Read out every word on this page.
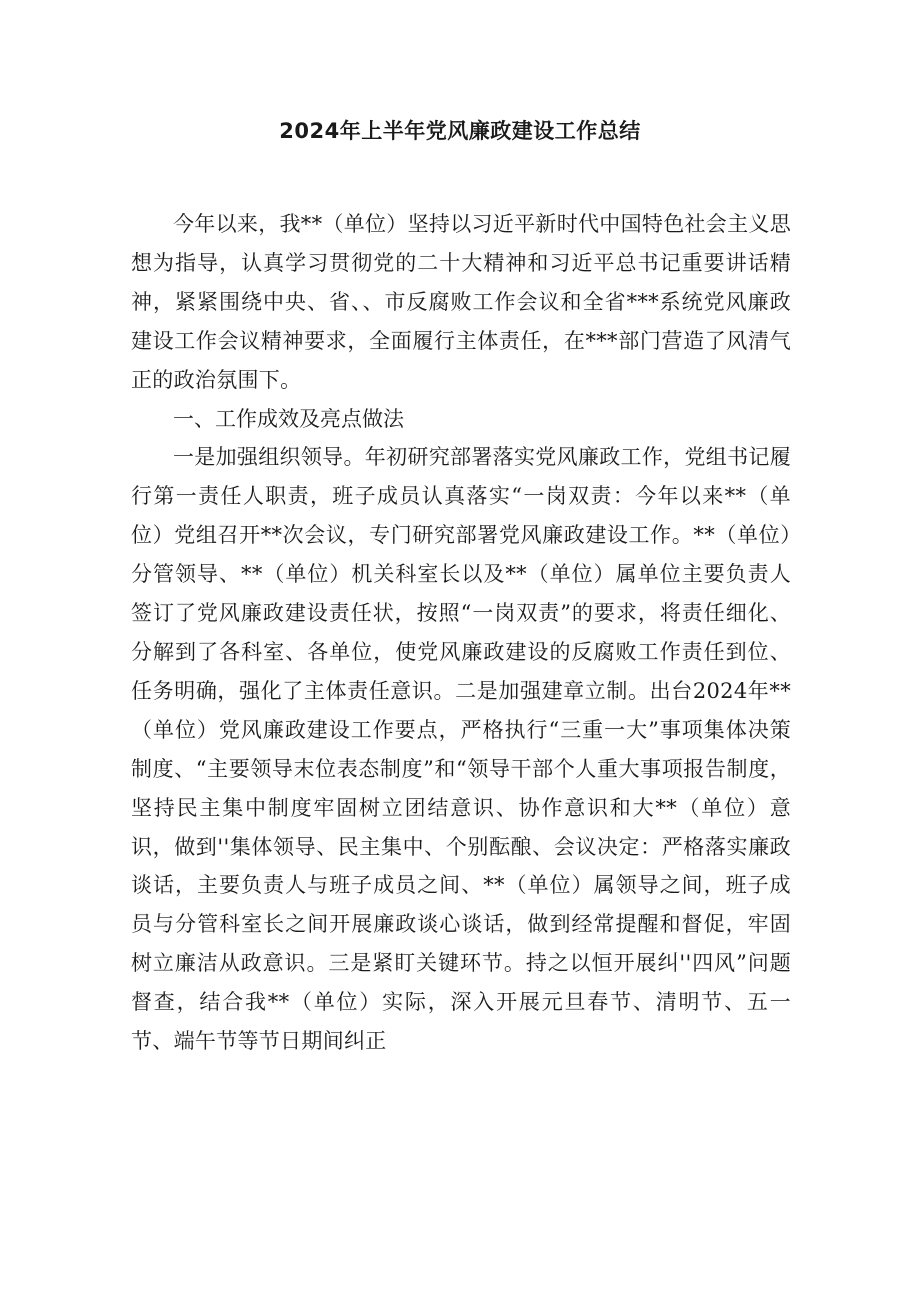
2024年上半年党风廉政建设工作总结

今年以来，我**（单位）坚持以习近平新时代中国特色社会主义思想为指导，认真学习贯彻党的二十大精神和习近平总书记重要讲话精神，紧紧围绕中央、省、、市反腐败工作会议和全省***系统党风廉政建设工作会议精神要求，全面履行主体责任，在***部门营造了风清气正的政治氛围下。

一、工作成效及亮点做法

一是加强组织领导。年初研究部署落实党风廉政工作，党组书记履行第一责任人职责，班子成员认真落实“一岗双责：今年以来**（单位）党组召开**次会议，专门研究部署党风廉政建设工作。**（单位）分管领导、**（单位）机关科室长以及**（单位）属单位主要负责人签订了党风廉政建设责任状，按照“一岗双责”的要求，将责任细化、分解到了各科室、各单位，使党风廉政建设的反腐败工作责任到位、任务明确，强化了主体责任意识。二是加强建章立制。出台2024年**（单位）党风廉政建设工作要点，严格执行“三重一大”事项集体决策制度、“主要领导末位表态制度”和“领导干部个人重大事项报告制度，坚持民主集中制度牢固树立团结意识、协作意识和大**（单位）意识，做到''集体领导、民主集中、个别酝酿、会议决定：严格落实廉政谈话，主要负责人与班子成员之间、**（单位）属领导之间，班子成员与分管科室长之间开展廉政谈心谈话，做到经常提醒和督促，牢固树立廉洁从政意识。三是紧盯关键环节。持之以恒开展纠''四风”问题督查，结合我**（单位）实际，深入开展元旦春节、清明节、五一节、端午节等节日期间纠正
